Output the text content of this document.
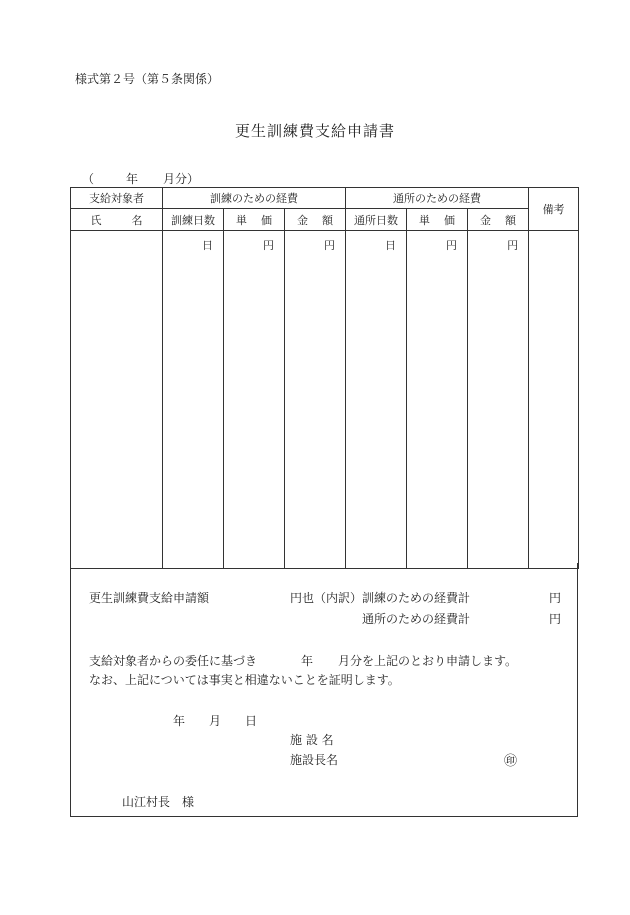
様式第２号（第５条関係）
更生訓練費支給申請書
（	年 月分）
支給対象者	訓練のための経費			通所のための経費			備考

氏 名	訓練日数	単 価	金 額	通所日数	単 価	金 額	

	日	円	円	日	円	円	
更生訓練費支給申請額	円也（内訳） 訓練のための経費計	円
通所のための経費計	円
支給対象者からの委任に基づき	年 月分を上記のとおり申請します。
なお、上記については事実と相違ないことを証明します。
年 月 日
施 設 名
施設長名	㊞
山江村長　様
